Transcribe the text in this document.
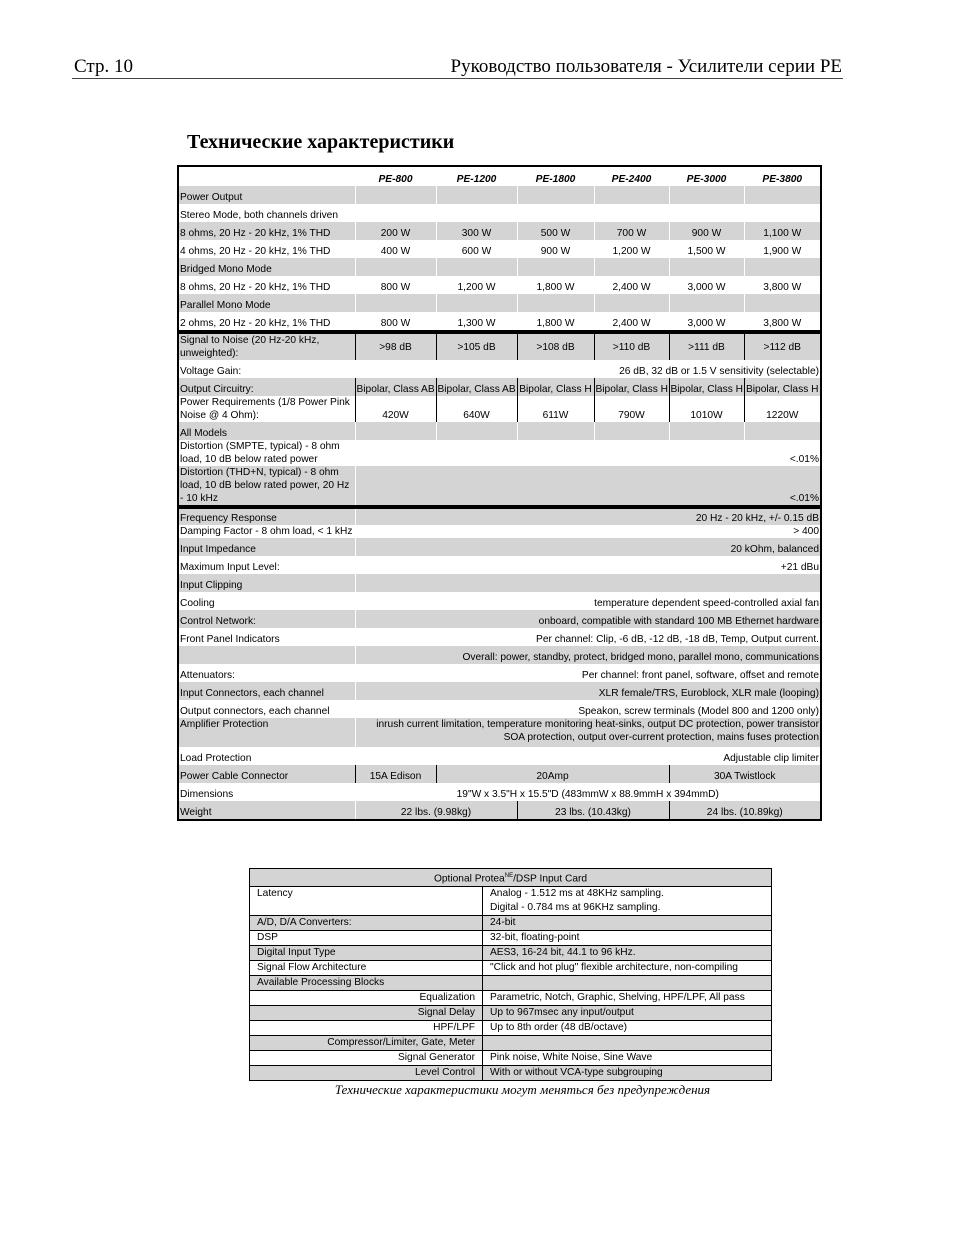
Стр. 10	Руководство пользователя - Усилители серии PE
Технические характеристики
	PE-800	PE-1200	PE-1800	PE-2400	PE-3000	PE-3800
Power Output						
Stereo Mode, both channels driven						
8 ohms, 20 Hz - 20 kHz, 1% THD	200 W	300 W	500 W	700 W	900 W	1,100 W
4 ohms, 20 Hz - 20 kHz, 1% THD	400 W	600 W	900 W	1,200 W	1,500 W	1,900 W
Bridged Mono Mode						
8 ohms, 20 Hz - 20 kHz, 1% THD	800 W	1,200 W	1,800 W	2,400 W	3,000 W	3,800 W
Parallel Mono Mode						
2 ohms, 20 Hz - 20 kHz, 1% THD	800 W	1,300 W	1,800 W	2,400 W	3,000 W	3,800 W
Signal to Noise (20 Hz-20 kHz, unweighted):	>98 dB	>105 dB	>108 dB	>110 dB	>111 dB	>112 dB
Voltage Gain:	26 dB, 32 dB or 1.5 V sensitivity (selectable)					
Output Circuitry:	Bipolar, Class AB	Bipolar, Class AB	Bipolar, Class H	Bipolar, Class H	Bipolar, Class H	Bipolar, Class H
Power Requirements (1/8 Power Pink Noise @ 4 Ohm):	420W	640W	611W	790W	1010W	1220W
All Models						
Distortion (SMPTE, typical) - 8 ohm load, 10 dB below rated power	<.01%					
Distortion (THD+N, typical) - 8 ohm load, 10 dB below rated power, 20 Hz - 10 kHz	<.01%					
Frequency Response	20 Hz - 20 kHz, +/- 0.15 dB					
Damping Factor - 8 ohm load, < 1 kHz	> 400					
Input Impedance	20 kOhm, balanced					
Maximum Input Level:	+21 dBu					
Input Clipping						
Cooling	temperature dependent speed-controlled axial fan					
Control Network:	onboard, compatible with standard 100 MB Ethernet hardware					
Front Panel Indicators	Per channel: Clip, -6 dB, -12 dB, -18 dB, Temp, Output current.					
	Overall: power, standby, protect, bridged mono, parallel mono, communications					
Attenuators:	Per channel: front panel, software, offset and remote					
Input Connectors, each channel	XLR female/TRS, Euroblock, XLR male (looping)					
Output connectors, each channel	Speakon, screw terminals (Model 800 and 1200 only)					
Amplifier Protection	inrush current limitation, temperature monitoring heat-sinks, output DC protection, power transistor
SOA protection, output over-current protection, mains fuses protection					

Load Protection	Adjustable clip limiter					
Power Cable Connector	15A Edison	20Amp			30A Twistlock	
Dimensions	19"W x 3.5"H x 15.5"D (483mmW x 88.9mmH x 394mmD)					
Weight	22 lbs. (9.98kg)		23 lbs. (10.43kg)		24 lbs. (10.89kg)	
Optional Protea$^{NE}$/DSP Input Card	
Latency	Analog - 1.512 ms at 48KHz sampling.
Digital - 0.784 ms at 96KHz sampling.

A/D, D/A Converters:	24-bit
DSP	32-bit, floating-point
Digital Input Type	AES3, 16-24 bit, 44.1 to 96 kHz.
Signal Flow Architecture	"Click and hot plug" flexible architecture, non-compiling
Available Processing Blocks	
Equalization	Parametric, Notch, Graphic, Shelving, HPF/LPF, All pass
Signal Delay	Up to 967msec any input/output
HPF/LPF	Up to 8th order (48 dB/octave)
Compressor/Limiter, Gate, Meter	
Signal Generator	Pink noise, White Noise, Sine Wave
Level Control	With or without VCA-type subgrouping
Технические характеристики могут меняться без предупреждения
